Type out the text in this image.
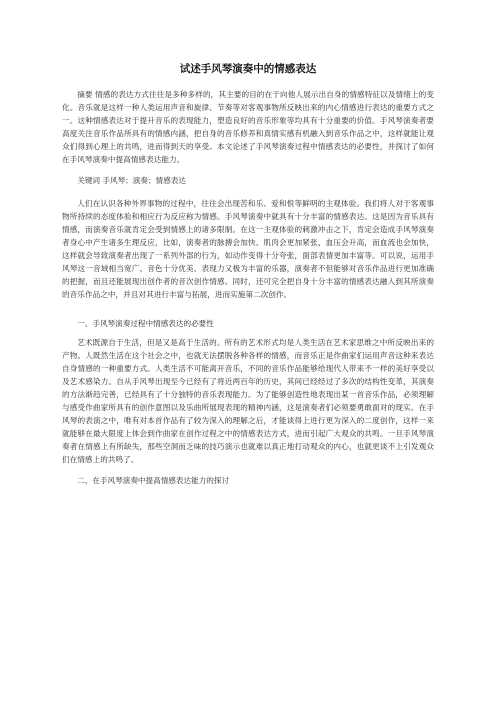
试述手风琴演奏中的情感表达

摘要 情感的表达方式往往是多种多样的，其主要的目的在于向他人展示出自身的情感特征以及情绪上的变化。音乐就是这样一种人类运用声音和旋律、节奏等对客观事物所反映出来的内心情感进行表达的重要方式之一。这种情感表达对于提升音乐的表现能力，塑造良好的音乐形象等均具有十分重要的价值。手风琴演奏者要高度关注音乐作品所具有的情感内涵，把自身的音乐修养和真情实感有机融入到音乐作品之中，这样就能让观众们得到心理上的共鸣，进而得到天的享受。本文论述了手风琴演奏过程中情感表达的必要性，并探讨了如何在手风琴演奏中提高情感表达能力。

关键词 手风琴；演奏；情感表达

人们在认识各种外界事物的过程中，往往会出现苦和乐、爱和恨等鲜明的主观体验。我们将人对于客观事物所持续的态度体验和相应行为反应称为情感。手风琴演奏中就具有十分丰富的情感表达。这是因为音乐具有情感，而演奏音乐就肯定会受到情感上的诸多限制。在这一主观体验的刺激冲击之下，肯定会造成手风琴演奏者身心中产生诸多生理反应，比如，演奏者的脉搏会加快、肌肉会更加紧张、血压会升高，而血流也会加快，这样就会导致演奏者出现了一系列外部的行为，如动作变得十分夸张，面部表情更加丰富等。可以说，运用手风琴这一音域相当宽广、音色十分优美、表现力又极为丰富的乐器，演奏者不但能够对音乐作品进行更加准确的把握，而且还能展现出创作者的音次创作情感。同时，还可完全把自身十分丰富的情感表达融入到其所演奏的音乐作品之中，并且对其进行丰富与拓展，进而实施第二次创作。

一、手风琴演奏过程中情感表达的必要性

艺术既源自于生活，但是又是高于生活的。所有的艺术形式均是人类生活在艺术家思维之中所反映出来的产物。人既然生活在这个社会之中，也就无法摆脱各种各样的情感，而音乐正是作曲家们运用声音这种来表达自身情感的一种重要方式。人类生活不可能离开音乐，不同的音乐作品能够给现代人带来不一样的美好享受以及艺术感染力。自从手风琴出现至今已经有了将近两百年的历史，其间已经经过了多次的结构性变革，其演奏的方法渐趋完善，已经具有了十分独特的音乐表现能力。为了能够创造性地表现出某一首音乐作品，必须理解与感受作曲家所具有的创作意图以及乐曲所展现表现的精神内涵，这是演奏者们必须要勇敢面对的现实。在手风琴的表演之中，唯有对本首作品有了较为深入的理解之后，才能谈得上进行更为深入的二度创作，这样一来就能够在最大限度上体会到作曲家在创作过程之中的情感表达方式，进而引起广大观众的共鸣。一旦手风琴演奏者在情感上有所缺失，那些空洞而乏味的技巧演示也就难以真正地打动观众的内心，也就更谈不上引发观众们在情感上的共鸣了。

二、在手风琴演奏中提高情感表达能力的探讨
